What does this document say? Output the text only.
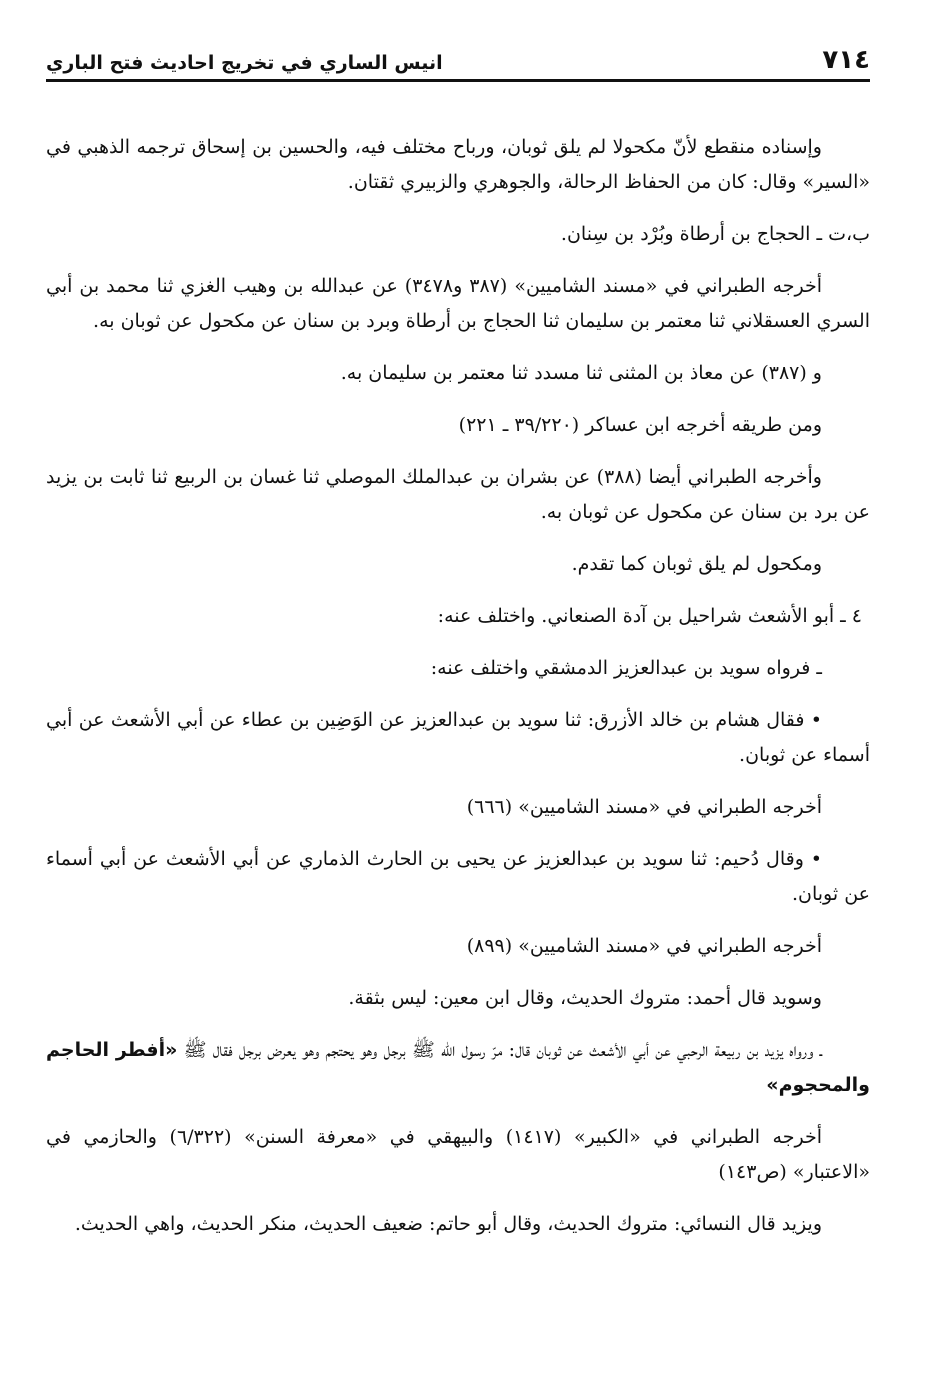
٧١٤
انيس الساري في تخريج احاديث فتح الباري

وإسناده منقطع لأنّ مكحولا لم يلق ثوبان، ورباح مختلف فيه، والحسين بن إسحاق ترجمه الذهبي في «السير» وقال: كان من الحفاظ الرحالة، والجوهري والزبيري ثقتان.

ب،ت ـ الحجاج بن أرطاة وبُرْد بن سِنان.

أخرجه الطبراني في «مسند الشاميين» (٣٨٧ و٣٤٧٨) عن عبدالله بن وهيب الغزي ثنا محمد بن أبي السري العسقلاني ثنا معتمر بن سليمان ثنا الحجاج بن أرطاة وبرد بن سنان عن مكحول عن ثوبان به.

و (٣٨٧) عن معاذ بن المثنى ثنا مسدد ثنا معتمر بن سليمان به.

ومن طريقه أخرجه ابن عساكر (٣٩/٢٢٠ ـ ٢٢١)

وأخرجه الطبراني أيضا (٣٨٨) عن بشران بن عبدالملك الموصلي ثنا غسان بن الربيع ثنا ثابت بن يزيد عن برد بن سنان عن مكحول عن ثوبان به.

ومكحول لم يلق ثوبان كما تقدم.

٤ ـ أبو الأشعث شراحيل بن آدة الصنعاني. واختلف عنه:

ـ فرواه سويد بن عبدالعزيز الدمشقي واختلف عنه:

• فقال هشام بن خالد الأزرق: ثنا سويد بن عبدالعزيز عن الوَضِين بن عطاء عن أبي الأشعث عن أبي أسماء عن ثوبان.

أخرجه الطبراني في «مسند الشاميين» (٦٦٦)

• وقال دُحيم: ثنا سويد بن عبدالعزيز عن يحيى بن الحارث الذماري عن أبي الأشعث عن أبي أسماء عن ثوبان.

أخرجه الطبراني في «مسند الشاميين» (٨٩٩)

وسويد قال أحمد: متروك الحديث، وقال ابن معين: ليس بثقة.

ـ ورواه يزيد بن ربيعة الرحبي عن أبي الأشعث عن ثوبان قال: مرّ رسول الله ﷺ برجل وهو يحتجم وهو يعرض برجل فقال ﷺ «أفطر الحاجم والمحجوم»

أخرجه الطبراني في «الكبير» (١٤١٧) والبيهقي في «معرفة السنن» (٦/٣٢٢) والحازمي في «الاعتبار» (ص١٤٣)

ويزيد قال النسائي: متروك الحديث، وقال أبو حاتم: ضعيف الحديث، منكر الحديث، واهي الحديث.
